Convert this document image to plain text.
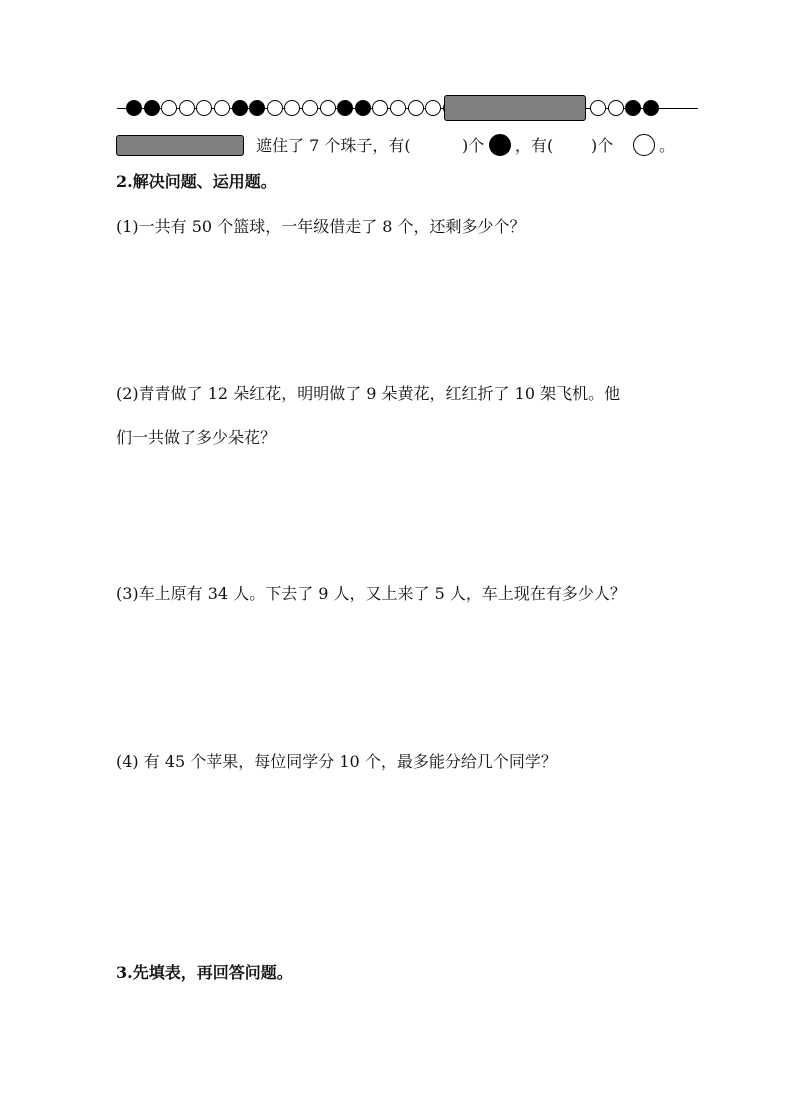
遮住了 7 个珠子，有(	)个 ，有( )个	。
2.解决问题、运用题。
(1)一共有 50 个篮球，一年级借走了 8 个，还剩多少个？
(2)青青做了 12 朵红花，明明做了 9 朵黄花，红红折了 10 架飞机。他
们一共做了多少朵花？
(3)车上原有 34 人。下去了 9 人，又上来了 5 人，车上现在有多少人？
(4) 有 45 个苹果，每位同学分 10 个，最多能分给几个同学？
3.先填表，再回答问题。
